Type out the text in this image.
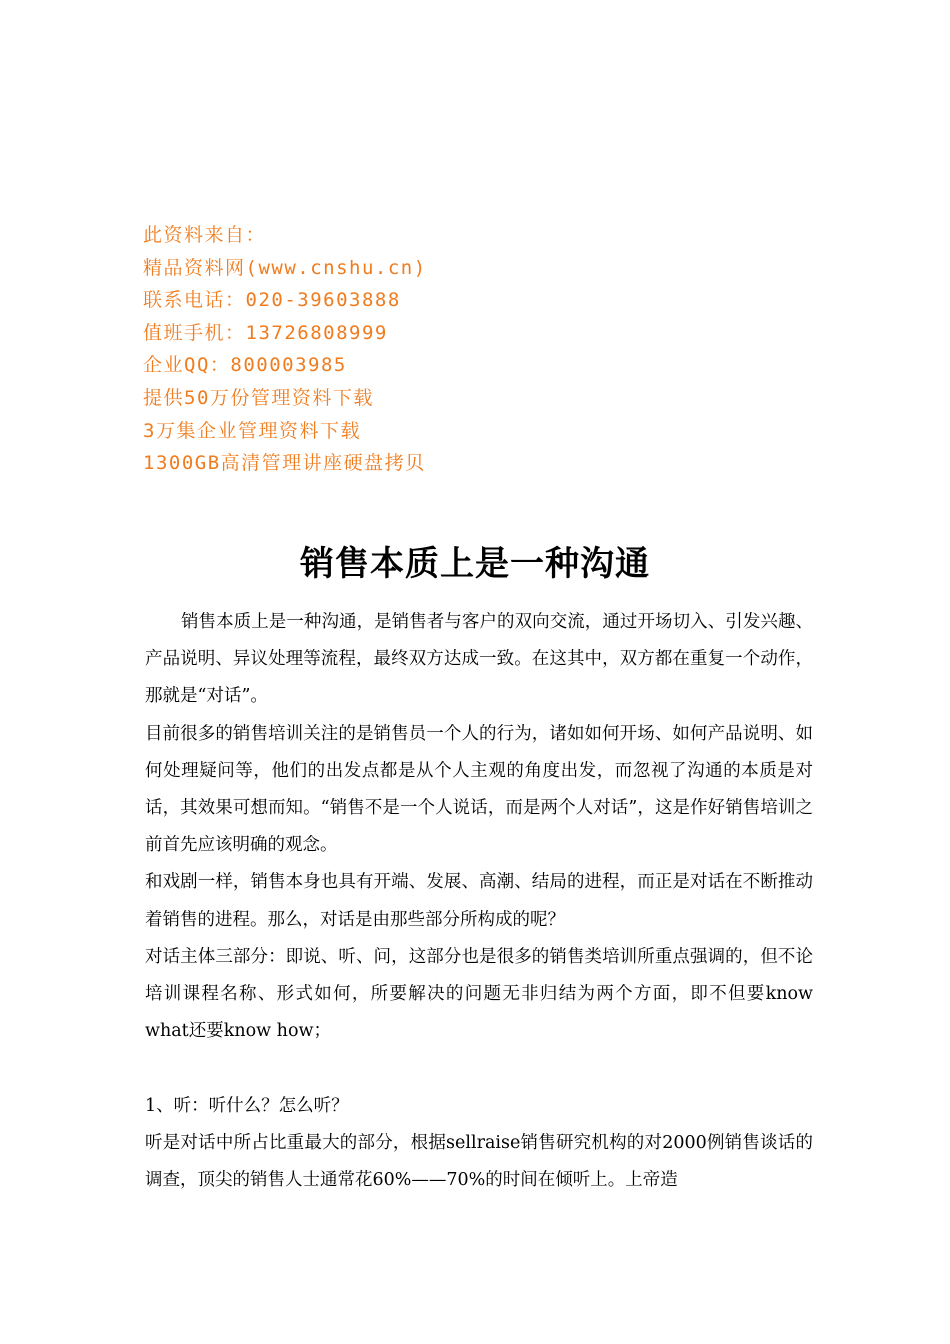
此资料来自：
精品资料网(www.cnshu.cn)
联系电话：020-39603888
值班手机：13726808999
企业QQ：800003985
提供50万份管理资料下载
3万集企业管理资料下载
1300GB高清管理讲座硬盘拷贝
销售本质上是一种沟通

销售本质上是一种沟通，是销售者与客户的双向交流，通过开场切入、引发兴趣、产品说明、异议处理等流程，最终双方达成一致。在这其中，双方都在重复一个动作，那就是“对话”。

目前很多的销售培训关注的是销售员一个人的行为，诸如如何开场、如何产品说明、如何处理疑问等，他们的出发点都是从个人主观的角度出发，而忽视了沟通的本质是对话，其效果可想而知。“销售不是一个人说话，而是两个人对话”，这是作好销售培训之前首先应该明确的观念。

和戏剧一样，销售本身也具有开端、发展、高潮、结局的进程，而正是对话在不断推动着销售的进程。那么，对话是由那些部分所构成的呢？

对话主体三部分：即说、听、问，这部分也是很多的销售类培训所重点强调的，但不论培训课程名称、形式如何，所要解决的问题无非归结为两个方面，即不但要know what还要know how；

1、听：听什么？怎么听？

听是对话中所占比重最大的部分，根据sellraise销售研究机构的对2000例销售谈话的调查，顶尖的销售人士通常花60%——70%的时间在倾听上。上帝造
